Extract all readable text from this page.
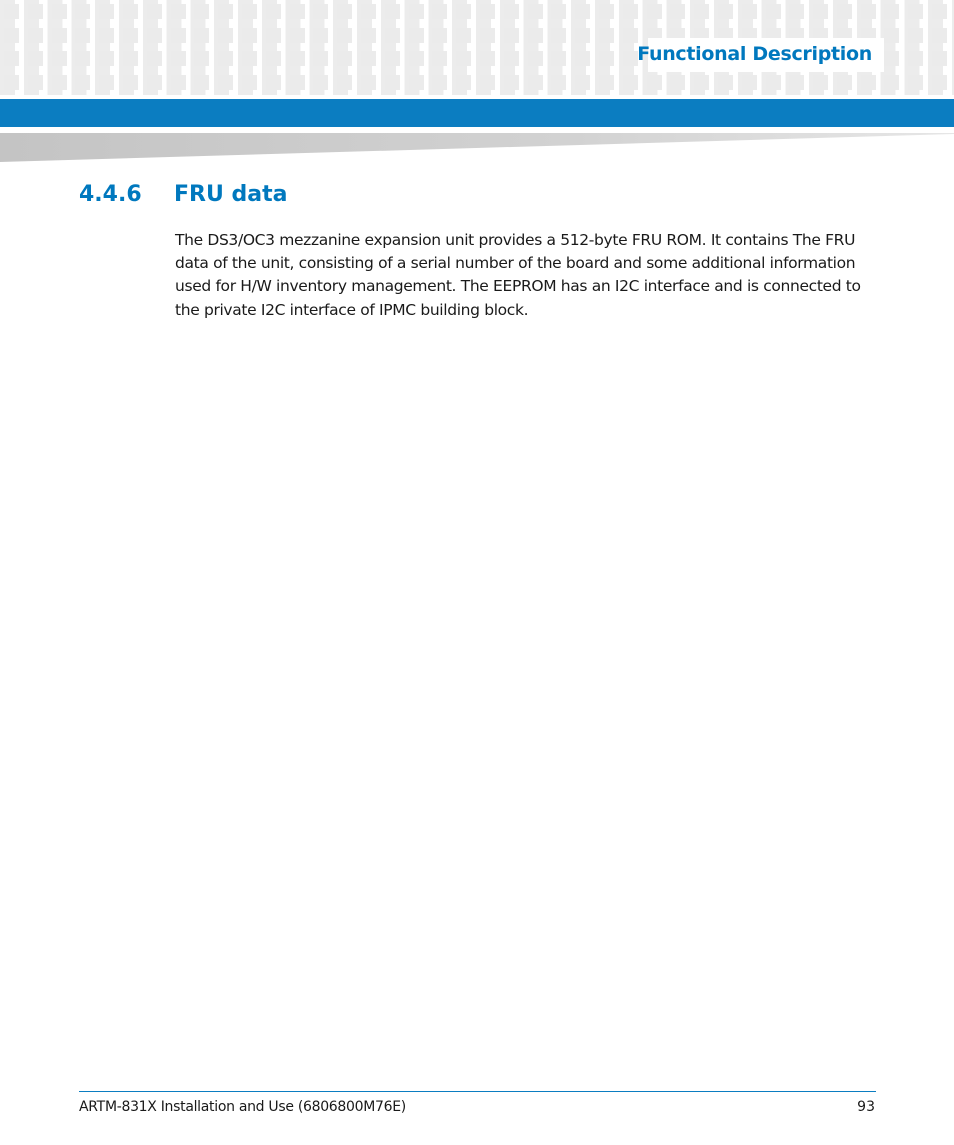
Functional Description
4.4.6 FRU data

The DS3/OC3 mezzanine expansion unit provides a 512-byte FRU ROM. It contains The FRU data of the unit, consisting of a serial number of the board and some additional information used for H/W inventory management. The EEPROM has an I2C interface and is connected to the private I2C interface of IPMC building block.

ARTM-831X Installation and Use (6806800M76E)	93
